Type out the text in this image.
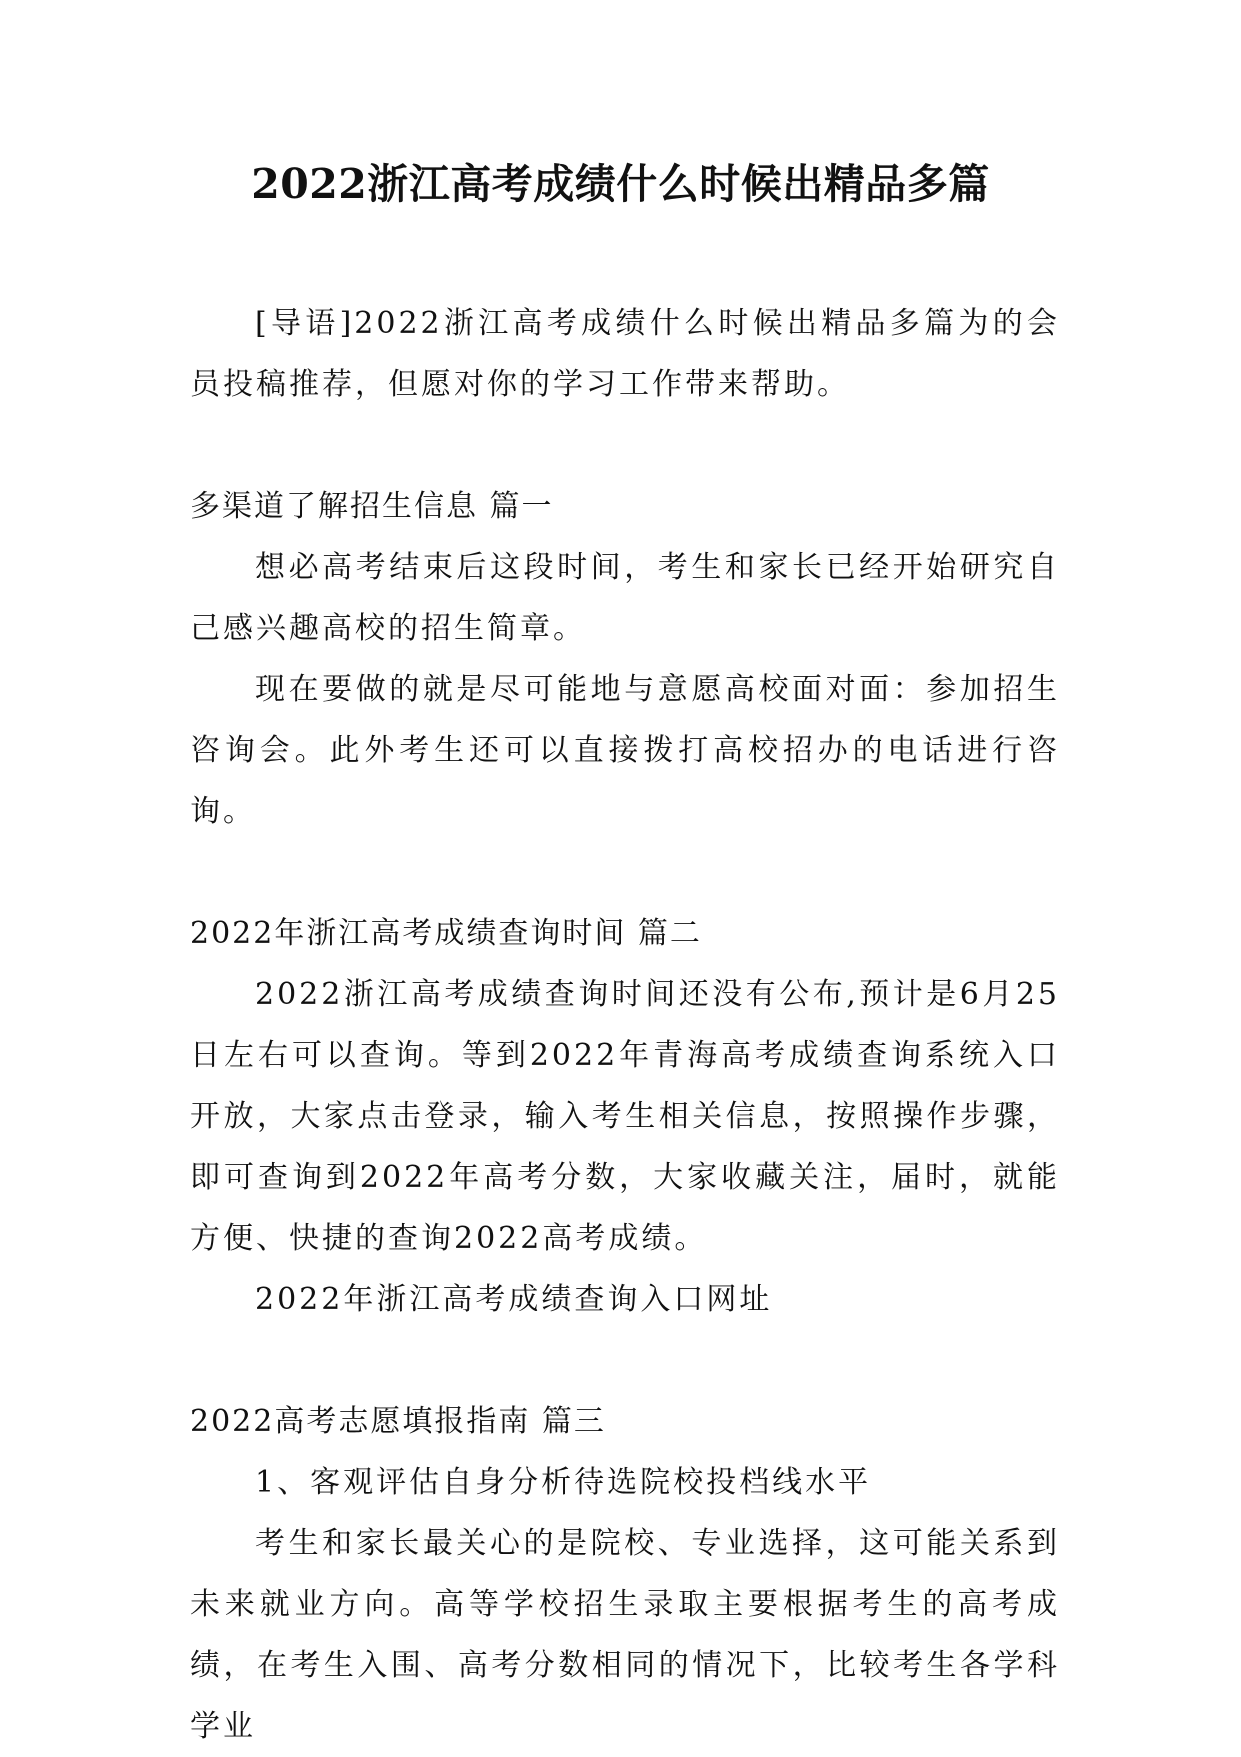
2022浙江高考成绩什么时候出精品多篇

[导语]2022浙江高考成绩什么时候出精品多篇为的会员投稿推荐，但愿对你的学习工作带来帮助。

多渠道了解招生信息 篇一

想必高考结束后这段时间，考生和家长已经开始研究自己感兴趣高校的招生简章。

现在要做的就是尽可能地与意愿高校面对面：参加招生咨询会。此外考生还可以直接拨打高校招办的电话进行咨询。

2022年浙江高考成绩查询时间 篇二

2022浙江高考成绩查询时间还没有公布,预计是6月25日左右可以查询。等到2022年青海高考成绩查询系统入口开放，大家点击登录，输入考生相关信息，按照操作步骤，即可查询到2022年高考分数，大家收藏关注，届时，就能方便、快捷的查询2022高考成绩。

2022年浙江高考成绩查询入口网址

2022高考志愿填报指南 篇三

1、客观评估自身分析待选院校投档线水平

考生和家长最关心的是院校、专业选择，这可能关系到未来就业方向。高等学校招生录取主要根据考生的高考成绩，在考生入围、高考分数相同的情况下，比较考生各学科学业
